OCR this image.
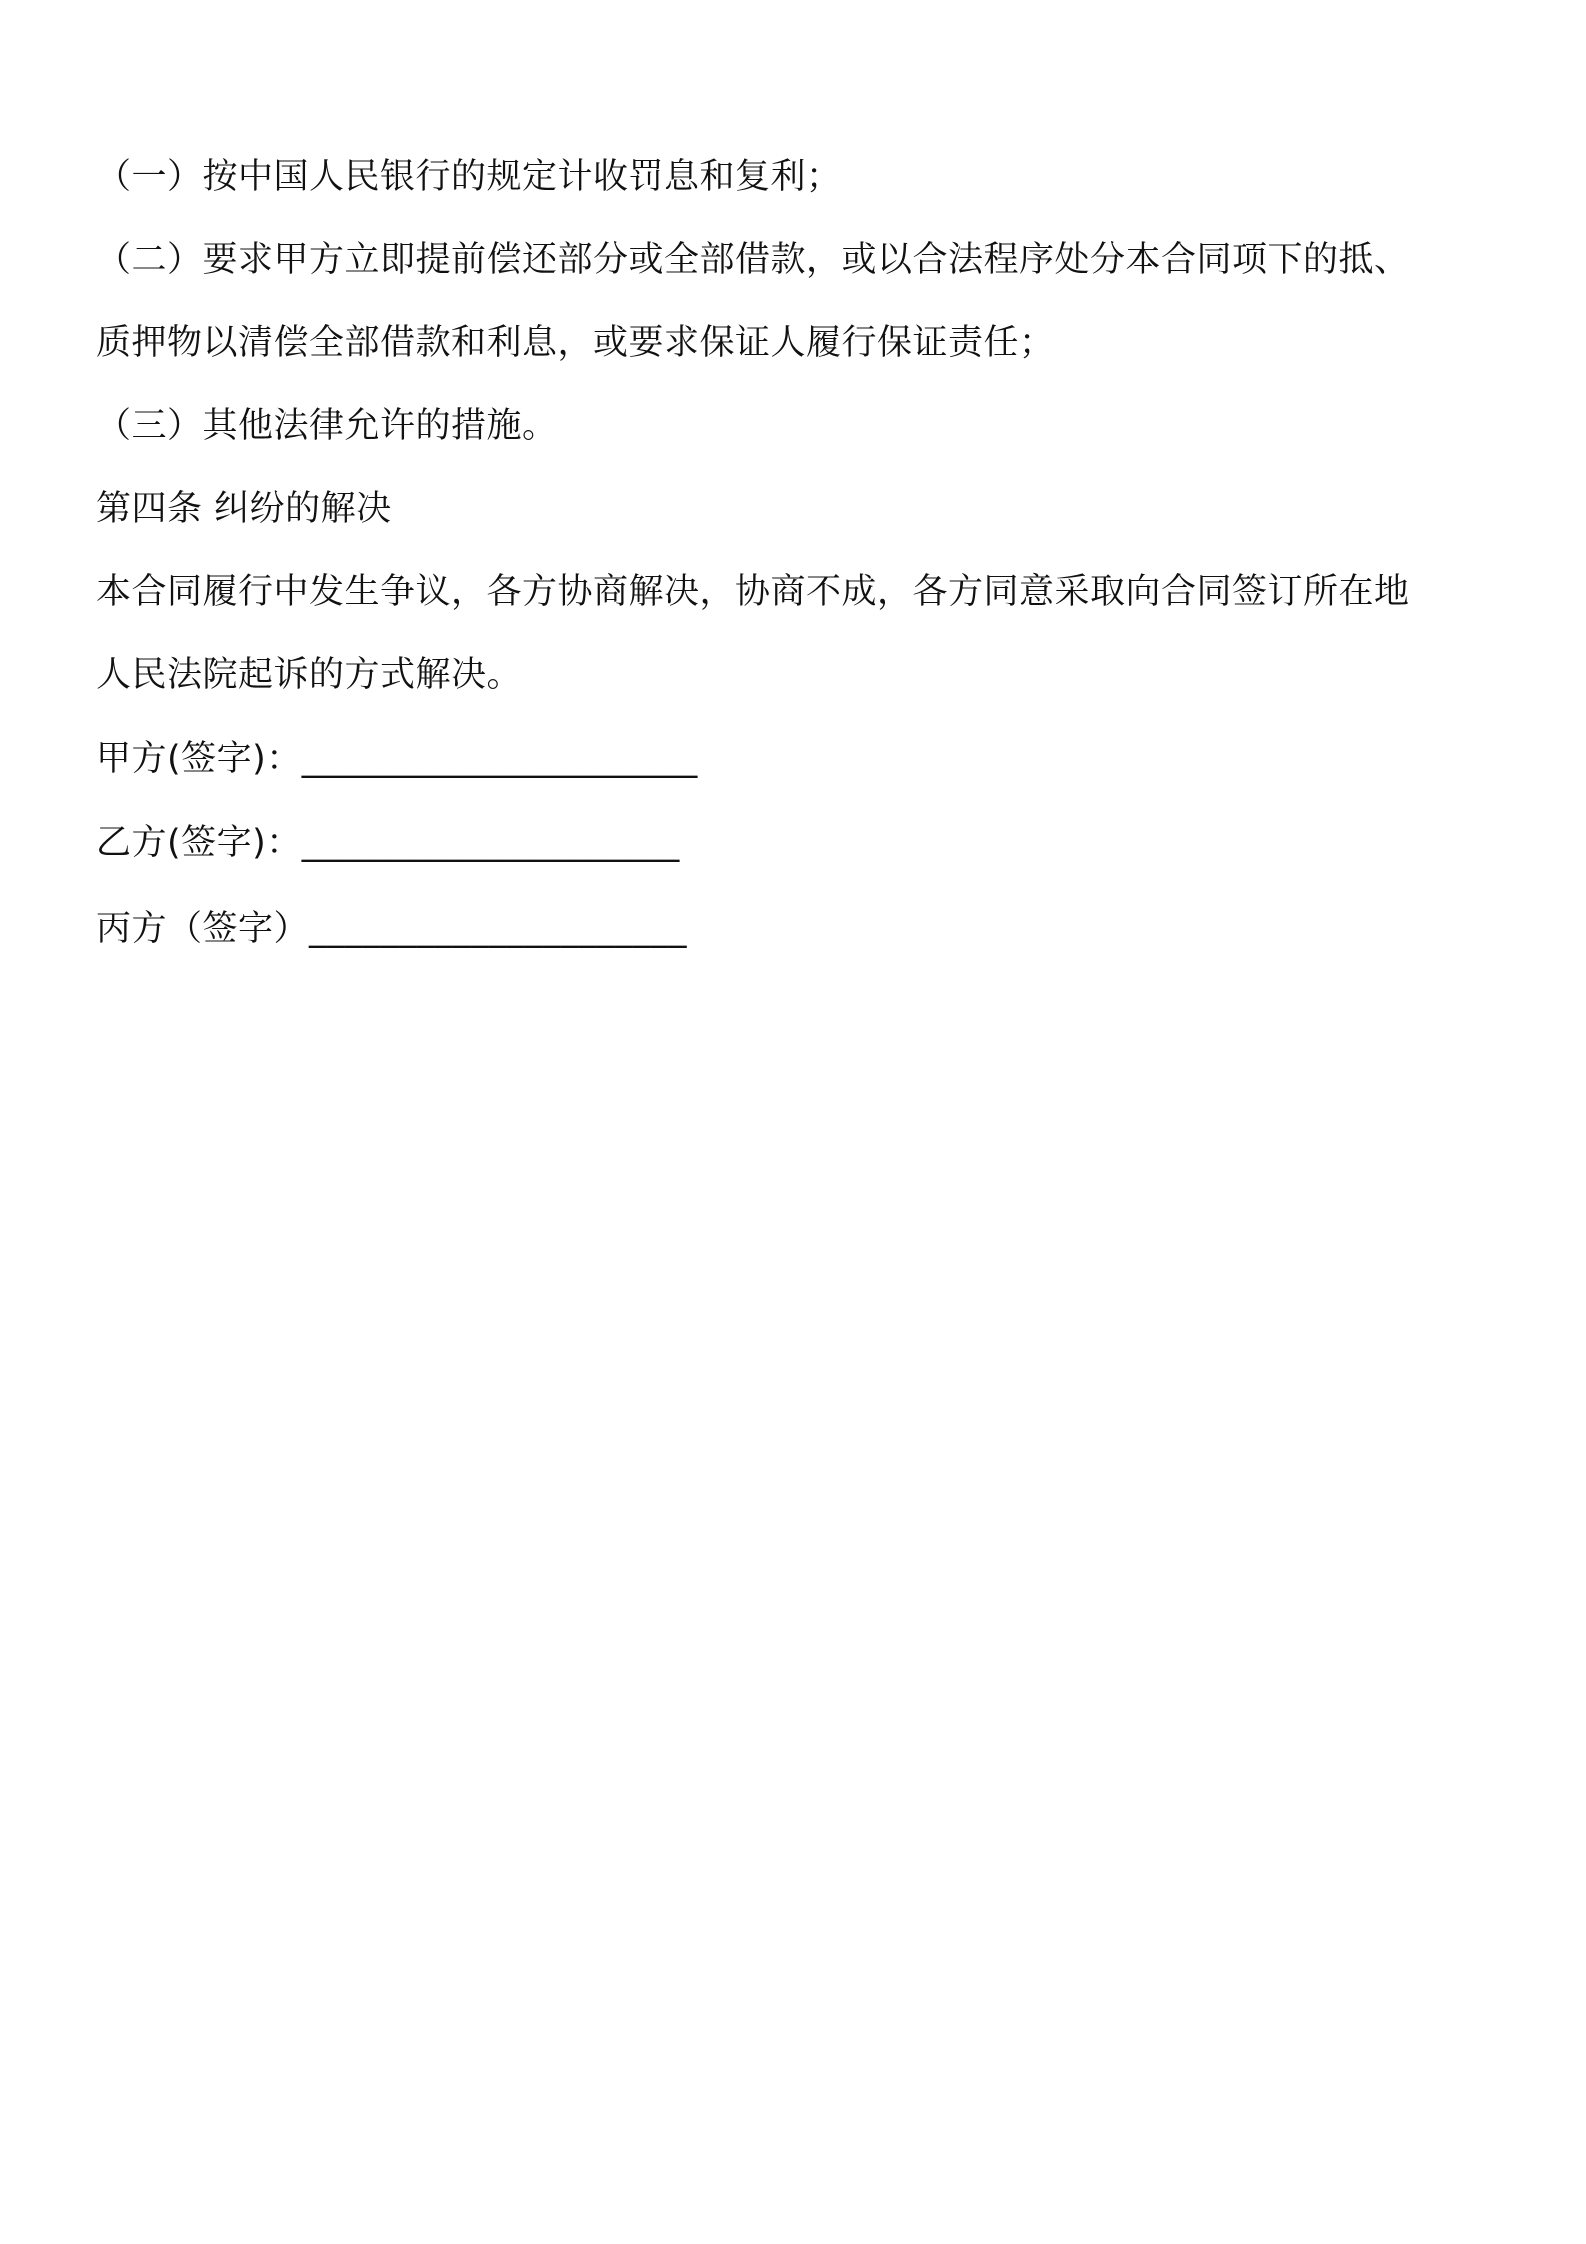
（一）按中国人民银行的规定计收罚息和复利；
（二）要求甲方立即提前偿还部分或全部借款，或以合法程序处分本合同项下的抵、
质押物以清偿全部借款和利息，或要求保证人履行保证责任；
（三）其他法律允许的措施。
第四条 纠纷的解决
本合同履行中发生争议，各方协商解决，协商不成，各方同意采取向合同签订所在地
人民法院起诉的方式解决。
甲方(签字)：______________________
乙方(签字)：_____________________
丙方（签字）_____________________
